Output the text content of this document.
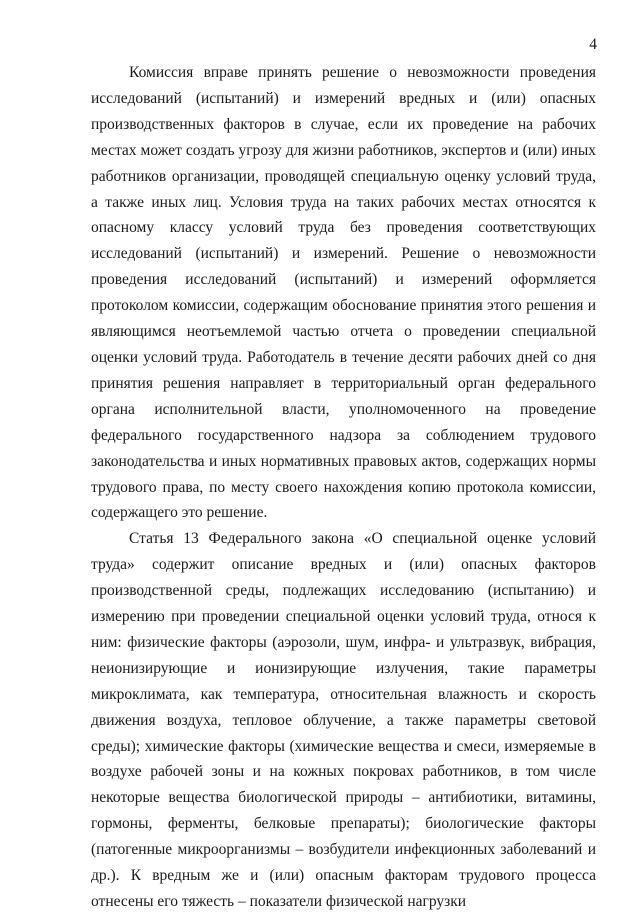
4

Комиссия вправе принять решение о невозможности проведения исследований (испытаний) и измерений вредных и (или) опасных производственных факторов в случае, если их проведение на рабочих местах может создать угрозу для жизни работников, экспертов и (или) иных работников организации, проводящей специальную оценку условий труда, а также иных лиц. Условия труда на таких рабочих местах относятся к опасному классу условий труда без проведения соответствующих исследований (испытаний) и измерений. Решение о невозможности проведения исследований (испытаний) и измерений оформляется протоколом комиссии, содержащим обоснование принятия этого решения и являющимся неотъемлемой частью отчета о проведении специальной оценки условий труда. Работодатель в течение десяти рабочих дней со дня принятия решения направляет в территориальный орган федерального органа исполнительной власти, уполномоченного на проведение федерального государственного надзора за соблюдением трудового законодательства и иных нормативных правовых актов, содержащих нормы трудового права, по месту своего нахождения копию протокола комиссии, содержащего это решение.

Статья 13 Федерального закона «О специальной оценке условий труда» содержит описание вредных и (или) опасных факторов производственной среды, подлежащих исследованию (испытанию) и измерению при проведении специальной оценки условий труда, относя к ним: физические факторы (аэрозоли, шум, инфра- и ультразвук, вибрация, неионизирующие и ионизирующие излучения, такие параметры микроклимата, как температура, относительная влажность и скорость движения воздуха, тепловое облучение, а также параметры световой среды); химические факторы (химические вещества и смеси, измеряемые в воздухе рабочей зоны и на кожных покровах работников, в том числе некоторые вещества биологической природы – антибиотики, витамины, гормоны, ферменты, белковые препараты); биологические факторы (патогенные микроорганизмы – возбудители инфекционных заболеваний и др.). К вредным же и (или) опасным факторам трудового процесса отнесены его тяжесть – показатели физической нагрузки
